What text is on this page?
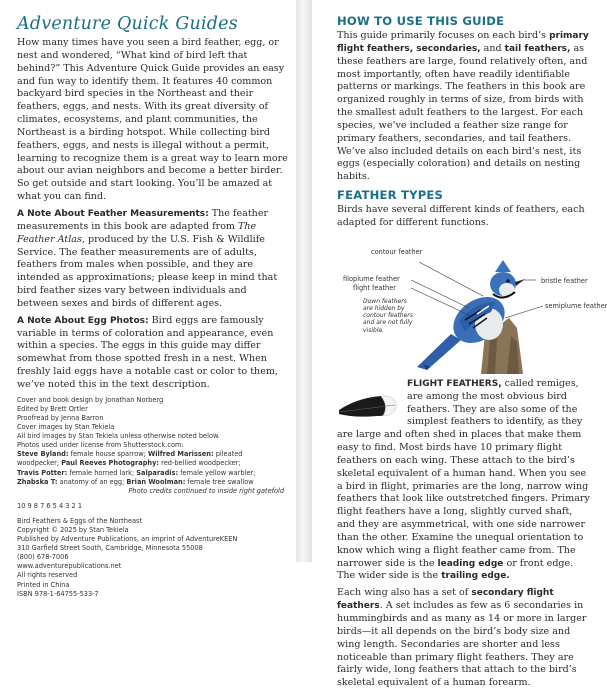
Adventure Quick Guides

How many times have you seen a bird feather, egg, or nest and wondered, “What kind of bird left that behind?” This Adventure Quick Guide provides an easy and fun way to identify them. It features 40 common backyard bird species in the Northeast and their feathers, eggs, and nests. With its great diversity of climates, ecosystems, and plant communities, the Northeast is a birding hotspot. While collecting bird feathers, eggs, and nests is illegal without a permit, learning to recognize them is a great way to learn more about our avian neighbors and become a better birder. So get outside and start looking. You’ll be amazed at what you can find.

A Note About Feather Measurements: The feather measurements in this book are adapted from The Feather Atlas, produced by the U.S. Fish & Wildlife Service. The feather measurements are of adults, feathers from males when possible, and they are intended as approximations; please keep in mind that bird feather sizes vary between individuals and between sexes and birds of different ages.

A Note About Egg Photos: Bird eggs are famously variable in terms of coloration and appearance, even within a species. The eggs in this guide may differ somewhat from those spotted fresh in a nest. When freshly laid eggs have a notable cast or color to them, we’ve noted this in the text description.

Cover and book design by Jonathan Norberg
Edited by Brett Ortler
Proofread by Jenna Barron
Cover images by Stan Tekiela
All bird images by Stan Tekiela unless otherwise noted below.
Photos used under license from Shutterstock.com:
Steve Byland: female house sparrow; Wilfred Marissen: pileated
woodpecker; Paul Reeves Photography: red-bellied woodpecker;
Travis Potter: female horned lark; Salparadis: female yellow warbler;
Zhabska T: anatomy of an egg; Brian Woolman: female tree swallow
Photo credits continued to inside right gatefold
10 9 8 7 6 5 4 3 2 1
Bird Feathers & Eggs of the Northeast
Copyright © 2025 by Stan Tekiela
Published by Adventure Publications, an imprint of AdventureKEEN
310 Garfield Street South, Cambridge, Minnesota 55008
(800) 678-7006
www.adventurepublications.net
All rights reserved
Printed in China
ISBN 978-1-64755-533-7
HOW TO USE THIS GUIDE

This guide primarily focuses on each bird’s primary flight feathers, secondaries, and tail feathers, as these feathers are large, found relatively often, and most importantly, often have readily identifiable patterns or markings. The feathers in this book are organized roughly in terms of size, from birds with the smallest adult feathers to the largest. For each species, we’ve included a feather size range for primary feathers, secondaries, and tail feathers. We’ve also included details on each bird’s nest, its eggs (especially coloration) and details on nesting habits.

FEATHER TYPES

Birds have several different kinds of feathers, each adapted for different functions.

contour feather
bristle feather
filoplume feather
flight feather
semiplume feather
Down feathers are hidden by contour feathers and are not fully visible.

FLIGHT FEATHERS, called remiges, are among the most obvious bird feathers. They are also some of the simplest feathers to identify, as they are large and often shed in places that make them easy to find. Most birds have 10 primary flight feathers on each wing. These attach to the bird’s skeletal equivalent of a human hand. When you see a bird in flight, primaries are the long, narrow wing feathers that look like outstretched fingers. Primary flight feathers have a long, slightly curved shaft, and they are asymmetrical, with one side narrower than the other. Examine the unequal orientation to know which wing a flight feather came from. The narrower side is the leading edge or front edge. The wider side is the trailing edge.

Each wing also has a set of secondary flight feathers. A set includes as few as 6 secondaries in hummingbirds and as many as 14 or more in larger birds—it all depends on the bird’s body size and wing length. Secondaries are shorter and less noticeable than primary flight feathers. They are fairly wide, long feathers that attach to the bird’s skeletal equivalent of a human forearm.
